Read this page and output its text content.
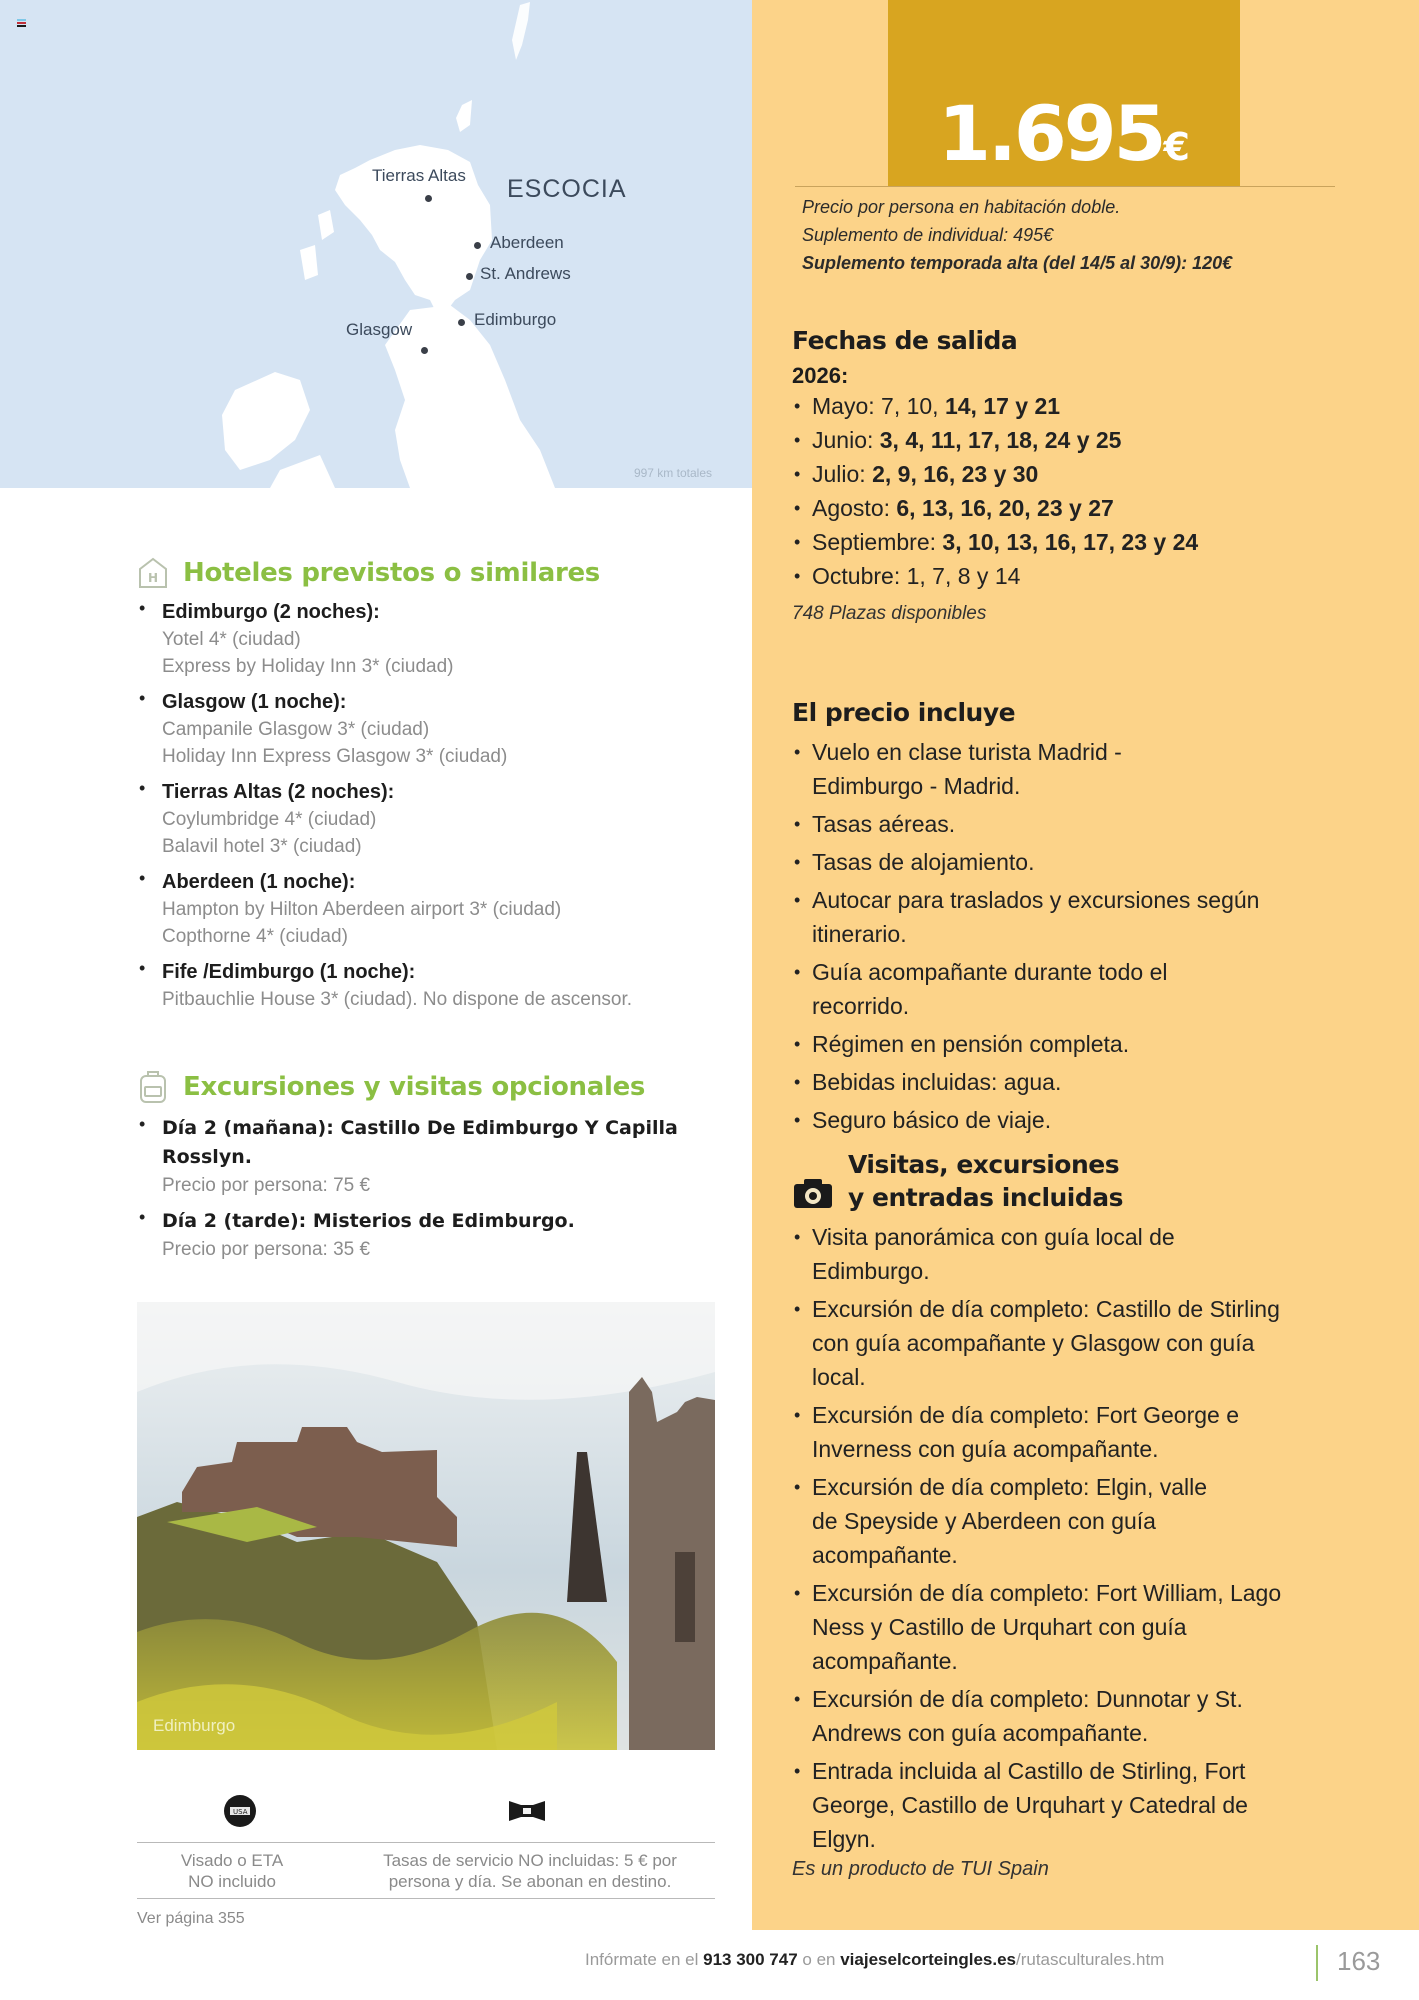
Tierras Altas ESCOCIA
Aberdeen
St. Andrews
Edimburgo
Glasgow
997 km totales
1.695€
Precio por persona en habitación doble.
Suplemento de individual: 495€
Suplemento temporada alta (del 14/5 al 30/9): 120€
Fechas de salida
2026:
• Mayo: 7, 10, 14, 17 y 21
• Junio: 3, 4, 11, 17, 18, 24 y 25
• Julio: 2, 9, 16, 23 y 30
• Agosto: 6, 13, 16, 20, 23 y 27
• Septiembre: 3, 10, 13, 16, 17, 23 y 24
• Octubre: 1, 7, 8 y 14
748 Plazas disponibles
El precio incluye
• Vuelo en clase turista Madrid - Edimburgo - Madrid.
• Tasas aéreas.
• Tasas de alojamiento.
• Autocar para traslados y excursiones según itinerario.
• Guía acompañante durante todo el recorrido.
• Régimen en pensión completa.
• Bebidas incluidas: agua.
• Seguro básico de viaje.
Visitas, excursiones
y entradas incluidas
• Visita panorámica con guía local de Edimburgo.
• Excursión de día completo: Castillo de Stirling con guía acompañante y Glasgow con guía local.
• Excursión de día completo: Fort George e Inverness con guía acompañante.
• Excursión de día completo: Elgin, valle de Speyside y Aberdeen con guía acompañante.
• Excursión de día completo: Fort William, Lago Ness y Castillo de Urquhart con guía acompañante.
• Excursión de día completo: Dunnotar y St. Andrews con guía acompañante.
• Entrada incluida al Castillo de Stirling, Fort George, Castillo de Urquhart y Catedral de Elgyn.
Es un producto de TUI Spain
H Hoteles previstos o similares
• Edimburgo (2 noches):
Yotel 4* (ciudad)
Express by Holiday Inn 3* (ciudad)
• Glasgow (1 noche):
Campanile Glasgow 3* (ciudad)
Holiday Inn Express Glasgow 3* (ciudad)
• Tierras Altas (2 noches):
Coylumbridge 4* (ciudad)
Balavil hotel 3* (ciudad)
• Aberdeen (1 noche):
Hampton by Hilton Aberdeen airport 3* (ciudad)
Copthorne 4* (ciudad)
• Fife /Edimburgo (1 noche):
Pitbauchlie House 3* (ciudad). No dispone de ascensor.
Excursiones y visitas opcionales
• Día 2 (mañana): Castillo De Edimburgo Y Capilla Rosslyn.
Precio por persona: 75 €
• Día 2 (tarde): Misterios de Edimburgo.
Precio por persona: 35 €
Edimburgo
USA
Visado o ETA
NO incluido
Tasas de servicio NO incluidas: 5 € por
persona y día. Se abonan en destino.
Ver página 355
Infórmate en el 913 300 747 o en viajeselcorteingles.es/rutasculturales.htm	163
